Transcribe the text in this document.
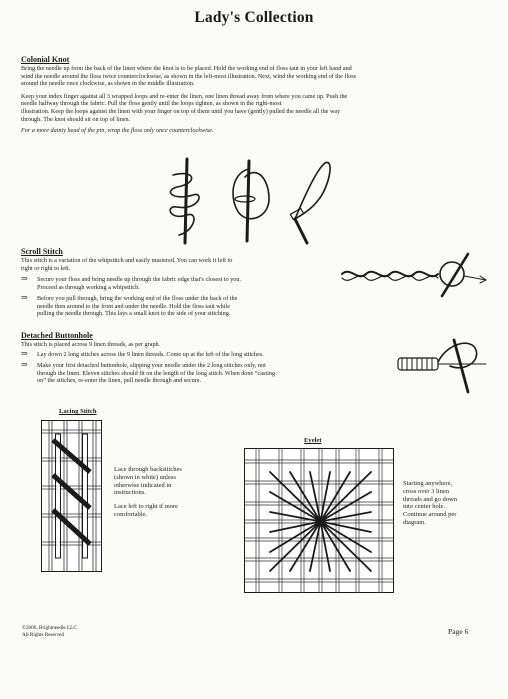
Lady's Collection
Colonial Knot

Bring the needle up from the back of the linen where the knot is to be placed. Hold the working end of floss taut in your left hand and

wind the needle around the floss twice counterclockwise, as shown in the left-most illustration. Next, wind the working end of the floss

around the needle once clockwise, as shown in the middle illustration.

Keep your index finger against all 3 wrapped loops and re-enter the linen, one linen thread away from where you came up. Push the

needle halfway through the fabric. Pull the floss gently until the loops tighten, as shown in the right-most

illustration. Keep the loops against the linen with your finger on top of them until you have (gently) pulled the needle all the way

through. The knot should sit on top of linen.

For a more dainty head of the pin, wrap the floss only once counterclockwise.

Scroll Stitch

This stitch is a variation of the whipstitch and easily mastered. You can work it left to

right or right to left.

⇒ Secure your floss and bring needle up through the fabric edge that's closest to you.
Proceed as through working a whipstitch.
⇒ Before you pull through, bring the working end of the floss under the back of the
needle then around to the front and under the needle. Hold the floss taut while
pulling the needle through. This lays a small knot to the side of your stitching.
Detached Buttonhole

This stitch is placed across 9 linen threads, as per graph.

⇒ Lay down 2 long stitches across the 9 linen threads. Come up at the left of the long stitches.
⇒ Make your first detached buttonhole, slipping your needle under the 2 long stitches only, not
through the linen. Eleven stitches should fit on the length of the long stitch. When done “casting
on” the stitches, re-enter the linen, pull needle through and secure.
Lacing Stitch
Lace through backstitches
(shown in white) unless
otherwise indicated in
instructions.
Lace left to right if more
comfortable.
Eyelet
Starting anywhere,
cross over 3 linen
threads and go down
into center hole.
Continue around per
diagram.
©2006, Brightneedle LLC
All Rights Reserved	Page 6
